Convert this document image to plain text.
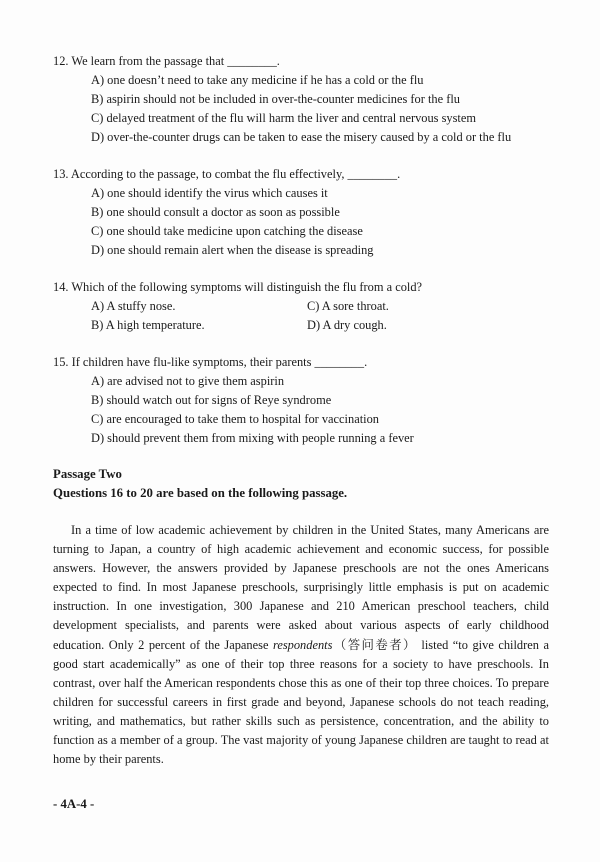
12. We learn from the passage that ________.
A) one doesn’t need to take any medicine if he has a cold or the flu
B) aspirin should not be included in over-the-counter medicines for the flu
C) delayed treatment of the flu will harm the liver and central nervous system
D) over-the-counter drugs can be taken to ease the misery caused by a cold or the flu
13. According to the passage, to combat the flu effectively, ________.
A) one should identify the virus which causes it
B) one should consult a doctor as soon as possible
C) one should take medicine upon catching the disease
D) one should remain alert when the disease is spreading
14. Which of the following symptoms will distinguish the flu from a cold?
A) A stuffy nose.	C) A sore throat.
B) A high temperature.	D) A dry cough.
15. If children have flu-like symptoms, their parents ________.
A) are advised not to give them aspirin
B) should watch out for signs of Reye syndrome
C) are encouraged to take them to hospital for vaccination
D) should prevent them from mixing with people running a fever
Passage Two
Questions 16 to 20 are based on the following passage.
In a time of low academic achievement by children in the United States, many Americans are turning to Japan, a country of high academic achievement and economic success, for possible answers. However, the answers provided by Japanese preschools are not the ones Americans expected to find. In most Japanese preschools, surprisingly little emphasis is put on academic instruction. In one investigation, 300 Japanese and 210 American preschool teachers, child development specialists, and parents were asked about various aspects of early childhood education. Only 2 percent of the Japanese respondents（答问卷者） listed “to give children a good start academically” as one of their top three reasons for a society to have preschools. In contrast, over half the American respondents chose this as one of their top three choices. To prepare children for successful careers in first grade and beyond, Japanese schools do not teach reading, writing, and mathematics, but rather skills such as persistence, concentration, and the ability to function as a member of a group. The vast majority of young Japanese children are taught to read at home by their parents.
- 4A-4 -
